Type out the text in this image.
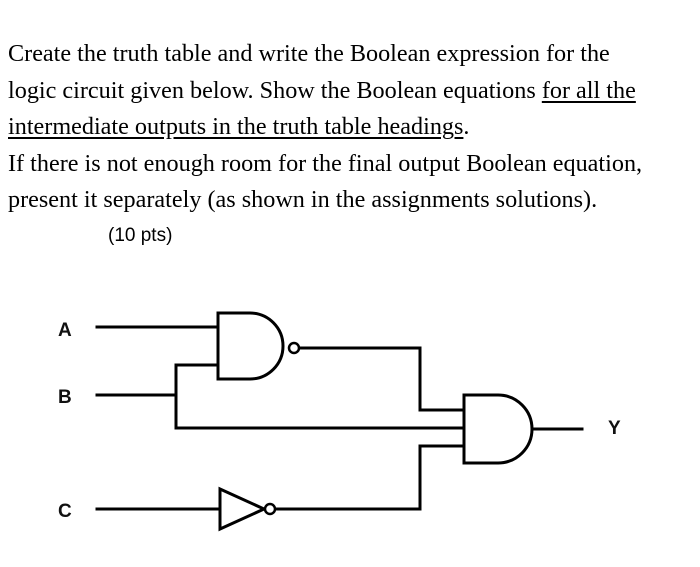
Create the truth table and write the Boolean expression for the
logic circuit given below. Show the Boolean equations for all the
intermediate outputs in the truth table headings.
If there is not enough room for the final output Boolean equation,
present it separately (as shown in the assignments solutions).
(10 pts)
A
B
C
Y
